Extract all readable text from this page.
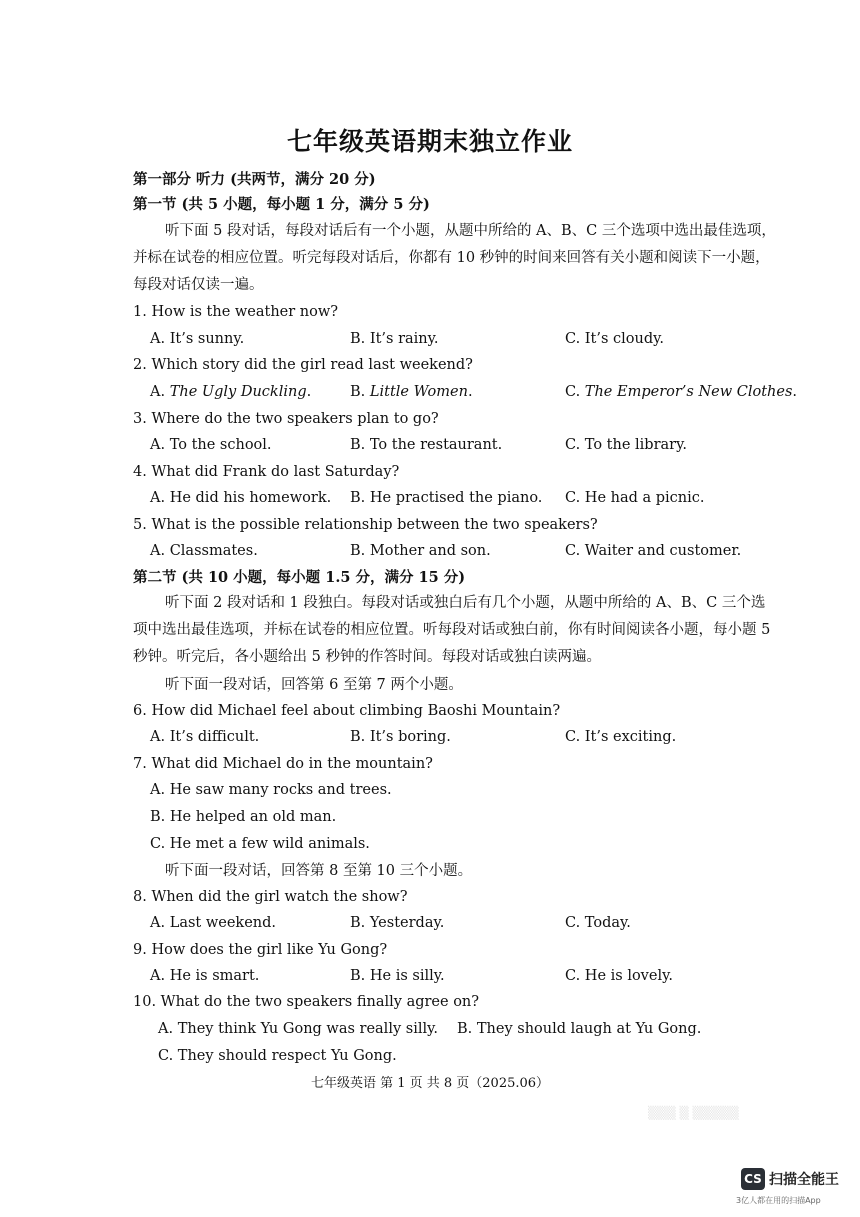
七年级英语期末独立作业
第一部分 听力 (共两节，满分 20 分)
第一节 (共 5 小题，每小题 1 分，满分 5 分)
听下面 5 段对话，每段对话后有一个小题，从题中所给的 A、B、C 三个选项中选出最佳选项，并标在试卷的相应位置。听完每段对话后，你都有 10 秒钟的时间来回答有关小题和阅读下一小题，每段对话仅读一遍。
1. How is the weather now?
A. It’s sunny.	B. It’s rainy.	C. It’s cloudy.
2. Which story did the girl read last weekend?
A. The Ugly Duckling.	B. Little Women.	C. The Emperor’s New Clothes.
3. Where do the two speakers plan to go?
A. To the school.	B. To the restaurant.	C. To the library.
4. What did Frank do last Saturday?
A. He did his homework. B. He practised the piano. C. He had a picnic.
5. What is the possible relationship between the two speakers?
A. Classmates.	B. Mother and son.	C. Waiter and customer.
第二节 (共 10 小题，每小题 1.5 分，满分 15 分)
听下面 2 段对话和 1 段独白。每段对话或独白后有几个小题，从题中所给的 A、B、C 三个选项中选出最佳选项，并标在试卷的相应位置。听每段对话或独白前，你有时间阅读各小题，每小题 5 秒钟。听完后，各小题给出 5 秒钟的作答时间。每段对话或独白读两遍。
听下面一段对话，回答第 6 至第 7 两个小题。
6. How did Michael feel about climbing Baoshi Mountain?
A. It’s difficult.	B. It’s boring.	C. It’s exciting.
7. What did Michael do in the mountain?
A. He saw many rocks and trees.
B. He helped an old man.
C. He met a few wild animals.
听下面一段对话，回答第 8 至第 10 三个小题。
8. When did the girl watch the show?
A. Last weekend.	B. Yesterday.	C. Today.
9. How does the girl like Yu Gong?
A. He is smart.	B. He is silly.	C. He is lovely.
10. What do the two speakers finally agree on?
A. They think Yu Gong was really silly. B. They should laugh at Yu Gong.
C. They should respect Yu Gong.
七年级英语 第 1 页 共 8 页（2025.06）
▒▒▒ ▒ ▒▒▒▒▒
CS 扫描全能王
3亿人都在用的扫描App
